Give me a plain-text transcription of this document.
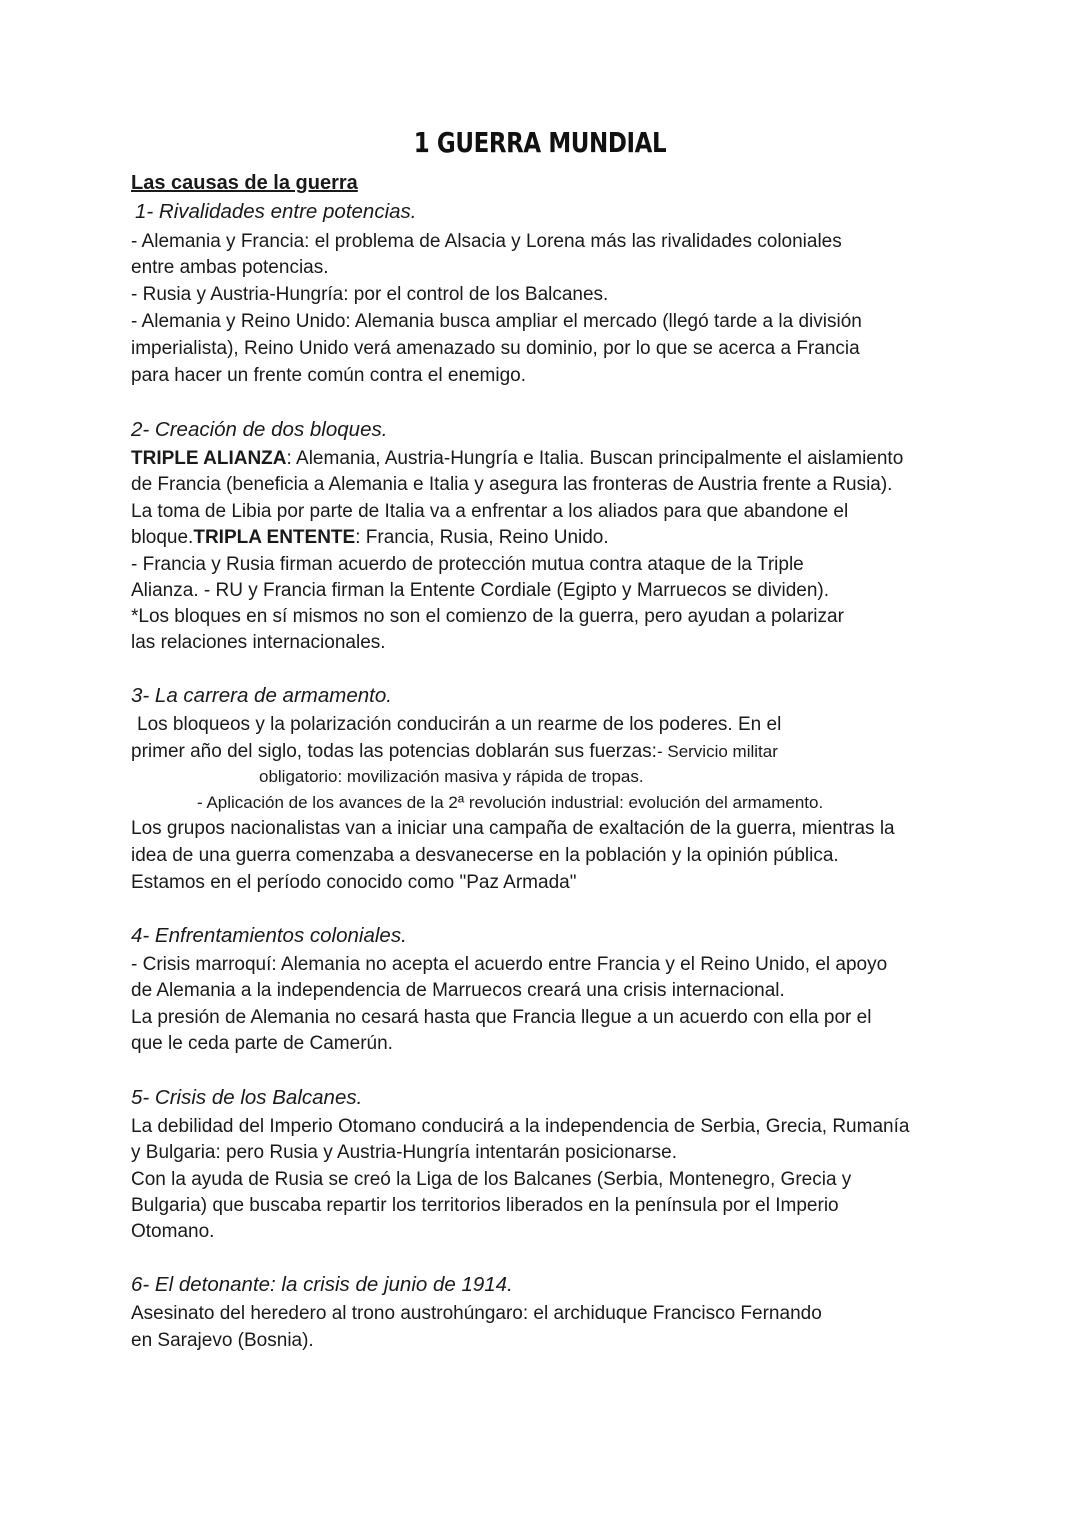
1 GUERRA MUNDIAL
Las causas de la guerra
1- Rivalidades entre potencias.
- Alemania y Francia: el problema de Alsacia y Lorena más las rivalidades coloniales
entre ambas potencias.
- Rusia y Austria-Hungría: por el control de los Balcanes.
- Alemania y Reino Unido: Alemania busca ampliar el mercado (llegó tarde a la división
imperialista), Reino Unido verá amenazado su dominio, por lo que se acerca a Francia
para hacer un frente común contra el enemigo.
2- Creación de dos bloques.
TRIPLE ALIANZA: Alemania, Austria-Hungría e Italia. Buscan principalmente el aislamiento
de Francia (beneficia a Alemania e Italia y asegura las fronteras de Austria frente a Rusia).
La toma de Libia por parte de Italia va a enfrentar a los aliados para que abandone el
bloque.TRIPLA ENTENTE: Francia, Rusia, Reino Unido.
- Francia y Rusia firman acuerdo de protección mutua contra ataque de la Triple
Alianza. - RU y Francia firman la Entente Cordiale (Egipto y Marruecos se dividen).
*Los bloques en sí mismos no son el comienzo de la guerra, pero ayudan a polarizar
las relaciones internacionales.
3- La carrera de armamento.
Los bloqueos y la polarización conducirán a un rearme de los poderes. En el
primer año del siglo, todas las potencias doblarán sus fuerzas:- Servicio militar
obligatorio: movilización masiva y rápida de tropas.
- Aplicación de los avances de la 2ª revolución industrial: evolución del armamento.
Los grupos nacionalistas van a iniciar una campaña de exaltación de la guerra, mientras la
idea de una guerra comenzaba a desvanecerse en la población y la opinión pública.
Estamos en el período conocido como "Paz Armada"
4- Enfrentamientos coloniales.
- Crisis marroquí: Alemania no acepta el acuerdo entre Francia y el Reino Unido, el apoyo
de Alemania a la independencia de Marruecos creará una crisis internacional.
La presión de Alemania no cesará hasta que Francia llegue a un acuerdo con ella por el
que le ceda parte de Camerún.
5- Crisis de los Balcanes.
La debilidad del Imperio Otomano conducirá a la independencia de Serbia, Grecia, Rumanía
y Bulgaria: pero Rusia y Austria-Hungría intentarán posicionarse.
Con la ayuda de Rusia se creó la Liga de los Balcanes (Serbia, Montenegro, Grecia y
Bulgaria) que buscaba repartir los territorios liberados en la península por el Imperio
Otomano.
6- El detonante: la crisis de junio de 1914.
Asesinato del heredero al trono austrohúngaro: el archiduque Francisco Fernando
en Sarajevo (Bosnia).
